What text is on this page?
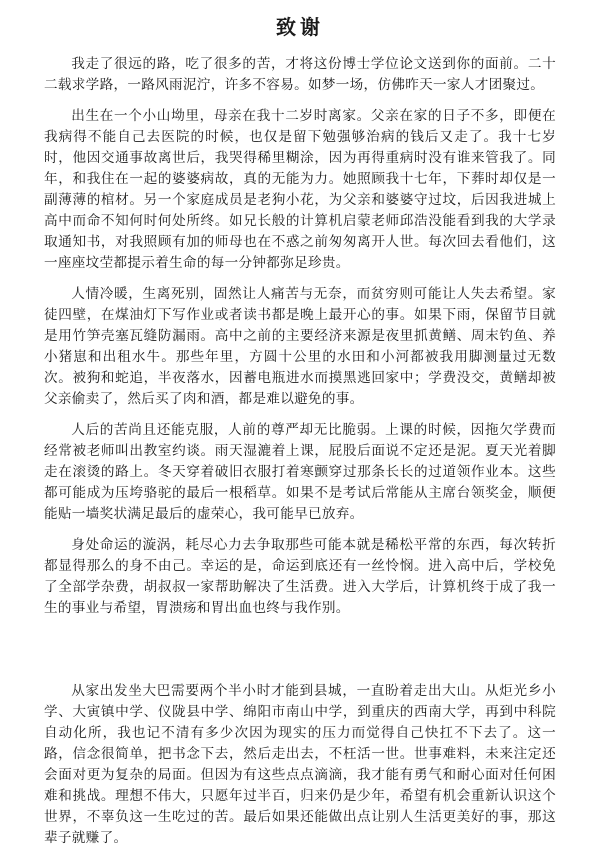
致谢

我走了很远的路，吃了很多的苦，才将这份博士学位论文送到你的面前。二十二载求学路，一路风雨泥泞，许多不容易。如梦一场，仿佛昨天一家人才团聚过。

出生在一个小山坳里，母亲在我十二岁时离家。父亲在家的日子不多，即便在我病得不能自己去医院的时候，也仅是留下勉强够治病的钱后又走了。我十七岁时，他因交通事故离世后，我哭得稀里糊涂，因为再得重病时没有谁来管我了。同年，和我住在一起的婆婆病故，真的无能为力。她照顾我十七年，下葬时却仅是一副薄薄的棺材。另一个家庭成员是老狗小花，为父亲和婆婆守过坟，后因我进城上高中而命不知何时何处所终。如兄长般的计算机启蒙老师邱浩没能看到我的大学录取通知书，对我照顾有加的师母也在不惑之前匆匆离开人世。每次回去看他们，这一座座坟茔都提示着生命的每一分钟都弥足珍贵。

人情冷暖，生离死别，固然让人痛苦与无奈，而贫穷则可能让人失去希望。家徒四壁，在煤油灯下写作业或者读书都是晚上最开心的事。如果下雨，保留节目就是用竹笋壳塞瓦缝防漏雨。高中之前的主要经济来源是夜里抓黄鳝、周末钓鱼、养小猪崽和出租水牛。那些年里，方圆十公里的水田和小河都被我用脚测量过无数次。被狗和蛇追，半夜落水，因蓄电瓶进水而摸黑逃回家中；学费没交，黄鳝却被父亲偷卖了，然后买了肉和酒，都是难以避免的事。

人后的苦尚且还能克服，人前的尊严却无比脆弱。上课的时候，因拖欠学费而经常被老师叫出教室约谈。雨天湿漉着上课，屁股后面说不定还是泥。夏天光着脚走在滚烫的路上。冬天穿着破旧衣服打着寒颤穿过那条长长的过道领作业本。这些都可能成为压垮骆驼的最后一根稻草。如果不是考试后常能从主席台领奖金，顺便能贴一墙奖状满足最后的虚荣心，我可能早已放弃。

身处命运的漩涡，耗尽心力去争取那些可能本就是稀松平常的东西，每次转折都显得那么的身不由己。幸运的是，命运到底还有一丝怜悯。进入高中后，学校免了全部学杂费，胡叔叔一家帮助解决了生活费。进入大学后，计算机终于成了我一生的事业与希望，胃溃疡和胃出血也终与我作别。

从家出发坐大巴需要两个半小时才能到县城，一直盼着走出大山。从炬光乡小学、大寅镇中学、仪陇县中学、绵阳市南山中学，到重庆的西南大学，再到中科院自动化所，我也记不清有多少次因为现实的压力而觉得自己快扛不下去了。这一路，信念很简单，把书念下去，然后走出去，不枉活一世。世事难料，未来注定还会面对更为复杂的局面。但因为有这些点点滴滴，我才能有勇气和耐心面对任何困难和挑战。理想不伟大，只愿年过半百，归来仍是少年，希望有机会重新认识这个世界，不辜负这一生吃过的苦。最后如果还能做出点让别人生活更美好的事，那这辈子就赚了。
